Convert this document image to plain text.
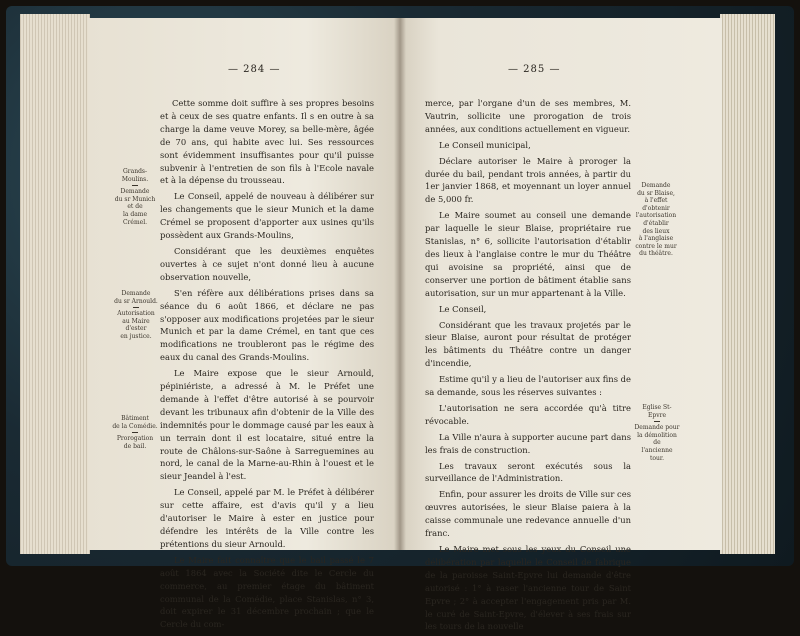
— 284 —

Cette somme doit suffire à ses propres besoins et à ceux de ses quatre enfants. Il s en outre à sa charge la dame veuve Morey, sa belle-mère, âgée de 70 ans, qui habite avec lui. Ses ressources sont évidemment insuffisantes pour qu'il puisse subvenir à l'entretien de son fils à l'Ecole navale et à la dépense du trousseau.

Le Conseil, appelé de nouveau à délibérer sur les changements que le sieur Munich et la dame Crémel se proposent d'apporter aux usines qu'ils possèdent aux Grands-Moulins,

Considérant que les deuxièmes enquêtes ouvertes à ce sujet n'ont donné lieu à aucune observation nouvelle,

S'en réfère aux délibérations prises dans sa séance du 6 août 1866, et déclare ne pas s'opposer aux modifications projetées par le sieur Munich et par la dame Crémel, en tant que ces modifications ne troubleront pas le régime des eaux du canal des Grands-Moulins.

Le Maire expose que le sieur Arnould, pépiniériste, a adressé à M. le Préfet une demande à l'effet d'être autorisé à se pourvoir devant les tribunaux afin d'obtenir de la Ville des indemnités pour le dommage causé par les eaux à un terrain dont il est locataire, situé entre la route de Châlons-sur-Saône à Sarreguemines au nord, le canal de la Marne-au-Rhin à l'ouest et le sieur Jeandel à l'est.

Le Conseil, appelé par M. le Préfet à délibérer sur cette affaire, est d'avis qu'il y a lieu d'autoriser le Maire à ester en justice pour défendre les intérêts de la Ville contre les prétentions du sieur Arnould.

Le Maire fait connaître que le bail passé le 7 août 1864 avec la Société dite le Cercle du commerce, au premier étage du bâtiment communal de la Comédie, place Stanislas, n° 3, doit expirer le 31 décembre prochain ; que le Cercle du com-

Grands-Moulins.
Demande
du sr Munich
et de
la dame Crémel.
Demande
du sr Arnould.
Autorisation
au Maire d'ester
en justice.
Bâtiment
de la Comédie.
Prorogation
de bail.
— 285 —

merce, par l'organe d'un de ses membres, M. Vautrin, sollicite une prorogation de trois années, aux conditions actuellement en vigueur.

Le Conseil municipal,

Déclare autoriser le Maire à proroger la durée du bail, pendant trois années, à partir du 1er janvier 1868, et moyennant un loyer annuel de 5,000 fr.

Le Maire soumet au conseil une demande par laquelle le sieur Blaise, propriétaire rue Stanislas, n° 6, sollicite l'autorisation d'établir des lieux à l'anglaise contre le mur du Théâtre qui avoisine sa propriété, ainsi que de conserver une portion de bâtiment établie sans autorisation, sur un mur appartenant à la Ville.

Le Conseil,

Considérant que les travaux projetés par le sieur Blaise, auront pour résultat de protéger les bâtiments du Théâtre contre un danger d'incendie,

Estime qu'il y a lieu de l'autoriser aux fins de sa demande, sous les réserves suivantes :

L'autorisation ne sera accordée qu'à titre révocable.

La Ville n'aura à supporter aucune part dans les frais de construction.

Les travaux seront exécutés sous la surveillance de l'Administration.

Enfin, pour assurer les droits de Ville sur ces œuvres autorisées, le sieur Blaise paiera à la caisse communale une redevance annuelle d'un franc.

Le Maire met sous les yeux du Conseil une délibération par laquelle le Conseil de fabrique de la paroisse Saint-Epvre lui demande d'être autorisé : 1° à raser l'ancienne tour de Saint Epvre ; 2° à accepter l'engagement pris par M. le curé de Saint-Epvre, d'élever à ses frais sur les tours de la nouvelle

Demande
du sr Blaise,
à l'effet d'obtenir
l'autorisation
d'établir
des lieux
à l'anglaise
contre le mur
du théâtre.
Eglise St-Epvre
Demande pour
la démolition
de
l'ancienne tour.
